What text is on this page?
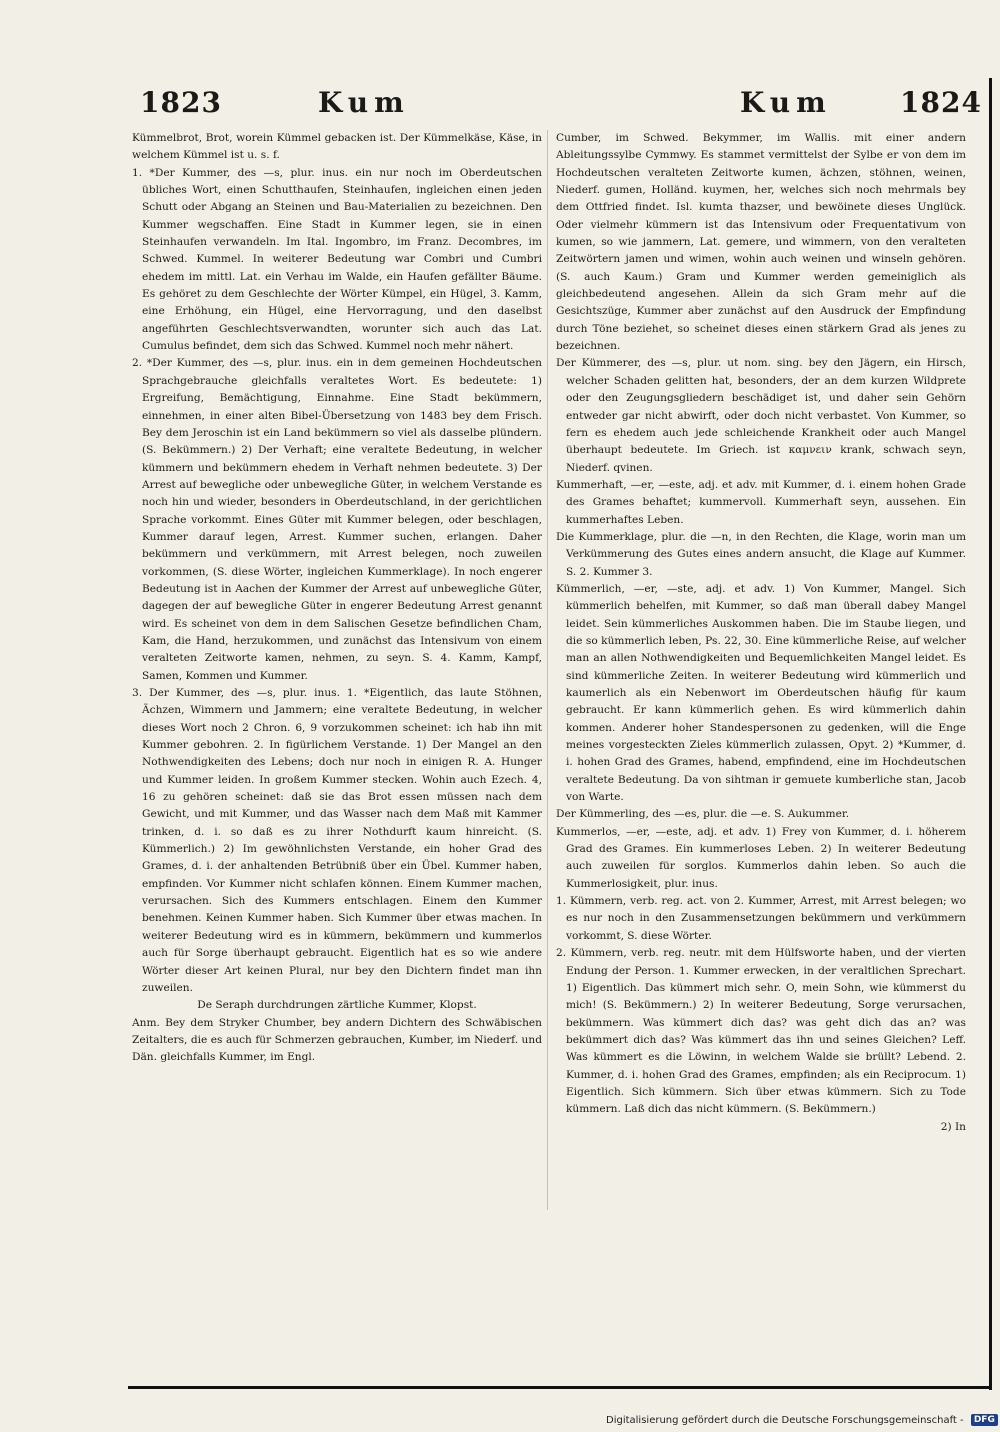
1823	Kum	Kum 1824

Kümmelbrot, Brot, worein Kümmel gebacken ist. Der Kümmelkäse, Käse, in welchem Kümmel ist u. s. f.

1. *Der Kummer, des —s, plur. inus. ein nur noch im Oberdeutschen übliches Wort, einen Schutthaufen, Steinhaufen, ingleichen einen jeden Schutt oder Abgang an Steinen und Bau-Materialien zu bezeichnen. Den Kummer wegschaffen. Eine Stadt in Kummer legen, sie in einen Steinhaufen verwandeln. Im Ital. Ingombro, im Franz. Decombres, im Schwed. Kummel. In weiterer Bedeutung war Combri und Cumbri ehedem im mittl. Lat. ein Verhau im Walde, ein Haufen gefällter Bäume. Es gehöret zu dem Geschlechte der Wörter Kümpel, ein Hügel, 3. Kamm, eine Erhöhung, ein Hügel, eine Hervorragung, und den daselbst angeführten Geschlechtsverwandten, worunter sich auch das Lat. Cumulus befindet, dem sich das Schwed. Kummel noch mehr nähert.

2. *Der Kummer, des —s, plur. inus. ein in dem gemeinen Hochdeutschen Sprachgebrauche gleichfalls veraltetes Wort. Es bedeutete: 1) Ergreifung, Bemächtigung, Einnahme. Eine Stadt bekümmern, einnehmen, in einer alten Bibel-Übersetzung von 1483 bey dem Frisch. Bey dem Jeroschin ist ein Land bekümmern so viel als dasselbe plündern. (S. Bekümmern.) 2) Der Verhaft; eine veraltete Bedeutung, in welcher kümmern und bekümmern ehedem in Verhaft nehmen bedeutete. 3) Der Arrest auf bewegliche oder unbewegliche Güter, in welchem Verstande es noch hin und wieder, besonders in Oberdeutschland, in der gerichtlichen Sprache vorkommt. Eines Güter mit Kummer belegen, oder beschlagen, Kummer darauf legen, Arrest. Kummer suchen, erlangen. Daher bekümmern und verkümmern, mit Arrest belegen, noch zuweilen vorkommen, (S. diese Wörter, ingleichen Kummerklage). In noch engerer Bedeutung ist in Aachen der Kummer der Arrest auf unbewegliche Güter, dagegen der auf bewegliche Güter in engerer Bedeutung Arrest genannt wird. Es scheinet von dem in dem Salischen Gesetze befindlichen Cham, Kam, die Hand, herzukommen, und zunächst das Intensivum von einem veralteten Zeitworte kamen, nehmen, zu seyn. S. 4. Kamm, Kampf, Samen, Kommen und Kummer.

3. Der Kummer, des —s, plur. inus. 1. *Eigentlich, das laute Stöhnen, Ächzen, Wimmern und Jammern; eine veraltete Bedeutung, in welcher dieses Wort noch 2 Chron. 6, 9 vorzukommen scheinet: ich hab ihn mit Kummer gebohren. 2. In figürlichem Verstande. 1) Der Mangel an den Nothwendigkeiten des Lebens; doch nur noch in einigen R. A. Hunger und Kummer leiden. In großem Kummer stecken. Wohin auch Ezech. 4, 16 zu gehören scheinet: daß sie das Brot essen müssen nach dem Gewicht, und mit Kummer, und das Wasser nach dem Maß mit Kammer trinken, d. i. so daß es zu ihrer Nothdurft kaum hinreicht. (S. Kümmerlich.) 2) Im gewöhnlichsten Verstande, ein hoher Grad des Grames, d. i. der anhaltenden Betrübniß über ein Übel. Kummer haben, empfinden. Vor Kummer nicht schlafen können. Einem Kummer machen, verursachen. Sich des Kummers entschlagen. Einem den Kummer benehmen. Keinen Kummer haben. Sich Kummer über etwas machen. In weiterer Bedeutung wird es in kümmern, bekümmern und kummerlos auch für Sorge überhaupt gebraucht. Eigentlich hat es so wie andere Wörter dieser Art keinen Plural, nur bey den Dichtern findet man ihn zuweilen.

De Seraph durchdrungen zärtliche Kummer, Klopst.

Anm. Bey dem Stryker Chumber, bey andern Dichtern des Schwäbischen Zeitalters, die es auch für Schmerzen gebrauchen, Kumber, im Niederf. und Dän. gleichfalls Kummer, im Engl.

Cumber, im Schwed. Bekymmer, im Wallis. mit einer andern Ableitungssylbe Cymmwy. Es stammet vermittelst der Sylbe er von dem im Hochdeutschen veralteten Zeitworte kumen, ächzen, stöhnen, weinen, Niederf. gumen, Holländ. kuymen, her, welches sich noch mehrmals bey dem Ottfried findet. Isl. kumta thazser, und bewöinete dieses Unglück. Oder vielmehr kümmern ist das Intensivum oder Frequentativum von kumen, so wie jammern, Lat. gemere, und wimmern, von den veralteten Zeitwörtern jamen und wimen, wohin auch weinen und winseln gehören. (S. auch Kaum.) Gram und Kummer werden gemeiniglich als gleichbedeutend angesehen. Allein da sich Gram mehr auf die Gesichtszüge, Kummer aber zunächst auf den Ausdruck der Empfindung durch Töne beziehet, so scheinet dieses einen stärkern Grad als jenes zu bezeichnen.

Der Kümmerer, des —s, plur. ut nom. sing. bey den Jägern, ein Hirsch, welcher Schaden gelitten hat, besonders, der an dem kurzen Wildprete oder den Zeugungsgliedern beschädiget ist, und daher sein Gehörn entweder gar nicht abwirft, oder doch nicht verbastet. Von Kummer, so fern es ehedem auch jede schleichende Krankheit oder auch Mangel überhaupt bedeutete. Im Griech. ist καμνειν krank, schwach seyn, Niederf. qvinen.

Kummerhaft, —er, —este, adj. et adv. mit Kummer, d. i. einem hohen Grade des Grames behaftet; kummervoll. Kummerhaft seyn, aussehen. Ein kummerhaftes Leben.

Die Kummerklage, plur. die —n, in den Rechten, die Klage, worin man um Verkümmerung des Gutes eines andern ansucht, die Klage auf Kummer. S. 2. Kummer 3.

Kümmerlich, —er, —ste, adj. et adv. 1) Von Kummer, Mangel. Sich kümmerlich behelfen, mit Kummer, so daß man überall dabey Mangel leidet. Sein kümmerliches Auskommen haben. Die im Staube liegen, und die so kümmerlich leben, Ps. 22, 30. Eine kümmerliche Reise, auf welcher man an allen Nothwendigkeiten und Bequemlichkeiten Mangel leidet. Es sind kümmerliche Zeiten. In weiterer Bedeutung wird kümmerlich und kaumerlich als ein Nebenwort im Oberdeutschen häufig für kaum gebraucht. Er kann kümmerlich gehen. Es wird kümmerlich dahin kommen. Anderer hoher Standespersonen zu gedenken, will die Enge meines vorgesteckten Zieles kümmerlich zulassen, Opyt. 2) *Kummer, d. i. hohen Grad des Grames, habend, empfindend, eine im Hochdeutschen veraltete Bedeutung. Da von sihtman ir gemuete kumberliche stan, Jacob von Warte.

Der Kümmerling, des —es, plur. die —e. S. Aukummer.

Kummerlos, —er, —este, adj. et adv. 1) Frey von Kummer, d. i. höherem Grad des Grames. Ein kummerloses Leben. 2) In weiterer Bedeutung auch zuweilen für sorglos. Kummerlos dahin leben. So auch die Kummerlosigkeit, plur. inus.

1. Kümmern, verb. reg. act. von 2. Kummer, Arrest, mit Arrest belegen; wo es nur noch in den Zusammensetzungen bekümmern und verkümmern vorkommt, S. diese Wörter.

2. Kümmern, verb. reg. neutr. mit dem Hülfsworte haben, und der vierten Endung der Person. 1. Kummer erwecken, in der veraltlichen Sprechart. 1) Eigentlich. Das kümmert mich sehr. O, mein Sohn, wie kümmerst du mich! (S. Bekümmern.) 2) In weiterer Bedeutung, Sorge verursachen, bekümmern. Was kümmert dich das? was geht dich das an? was bekümmert dich das? Was kümmert das ihn und seines Gleichen? Leff. Was kümmert es die Löwinn, in welchem Walde sie brüllt? Lebend. 2. Kummer, d. i. hohen Grad des Grames, empfinden; als ein Reciprocum. 1) Eigentlich. Sich kümmern. Sich über etwas kümmern. Sich zu Tode kümmern. Laß dich das nicht kümmern. (S. Bekümmern.)

2) In

Digitalisierung gefördert durch die Deutsche Forschungsgemeinschaft - DFG
